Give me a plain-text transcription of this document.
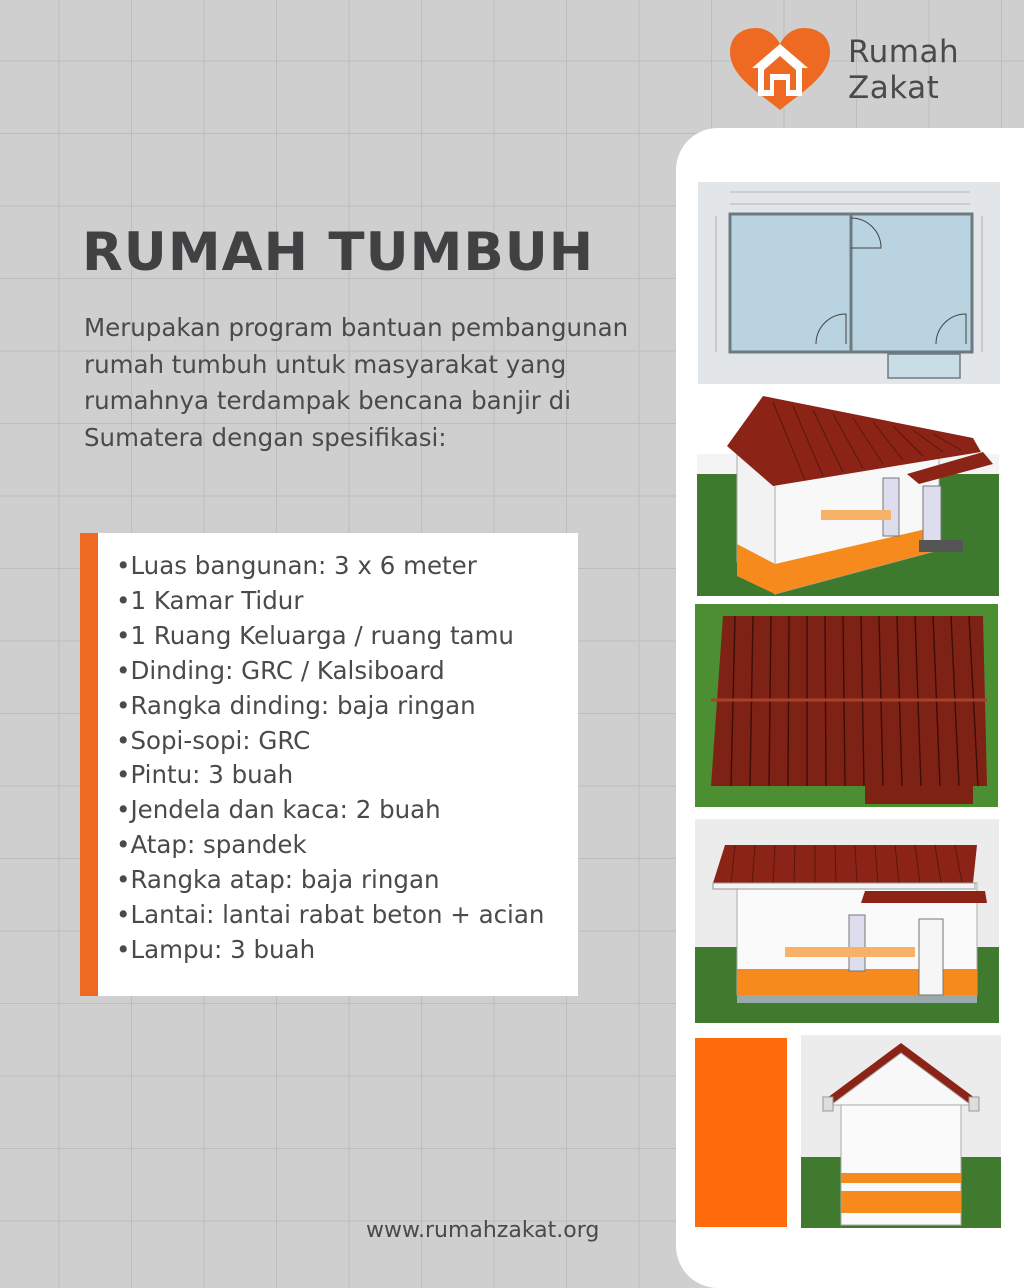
Rumah
Zakat
RUMAH TUMBUH

Merupakan program bantuan pembangunan rumah tumbuh untuk masyarakat yang rumahnya terdampak bencana banjir di Sumatera dengan spesifikasi:

•Luas bangunan: 3 x 6 meter
•1 Kamar Tidur
•1 Ruang Keluarga / ruang tamu
•Dinding: GRC / Kalsiboard
•Rangka dinding: baja ringan
•Sopi-sopi: GRC
•Pintu: 3 buah
•Jendela dan kaca: 2 buah
•Atap: spandek
•Rangka atap: baja ringan
•Lantai: lantai rabat beton + acian
•Lampu: 3 buah

www.rumahzakat.org
